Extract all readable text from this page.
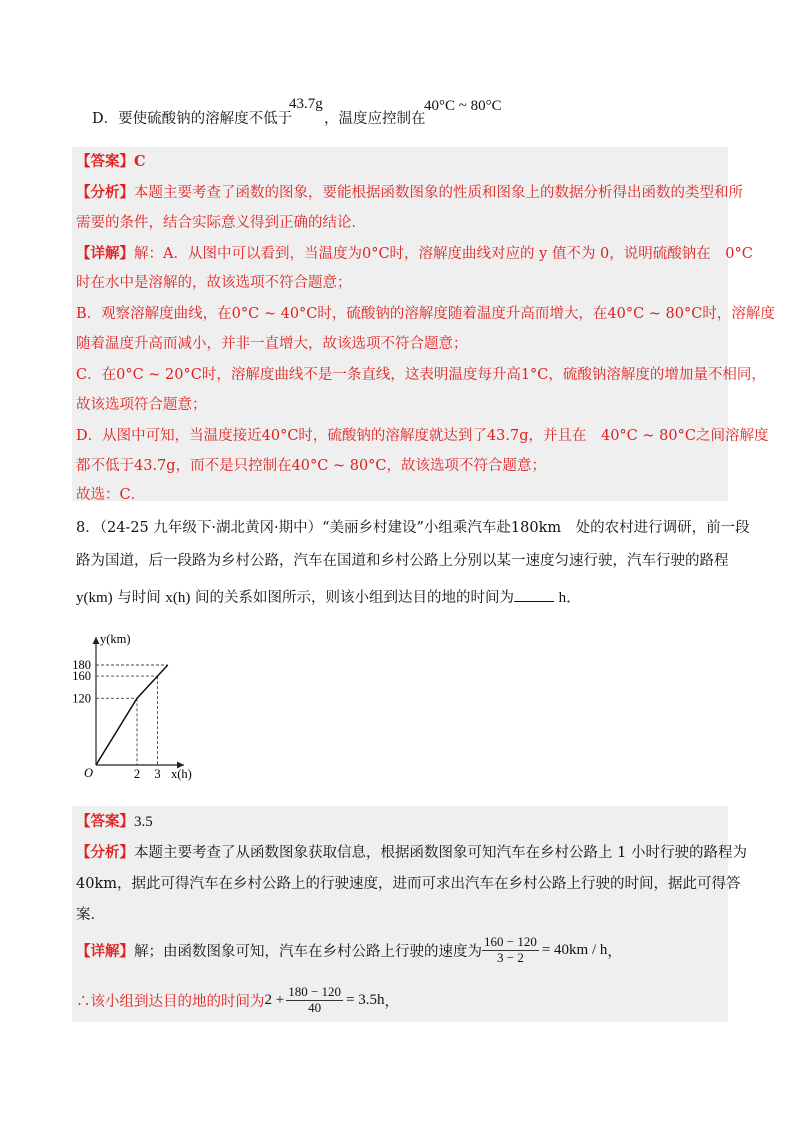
D．要使硫酸钠的溶解度不低于
43.7g
，温度应控制在
40°C ~ 80°C
【答案】C
【分析】本题主要考查了函数的图象，要能根据函数图象的性质和图象上的数据分析得出函数的类型和所
需要的条件，结合实际意义得到正确的结论．
【详解】解：A．从图中可以看到，当温度为0°C时，溶解度曲线对应的 y 值不为 0，说明硫酸钠在　0°C
时在水中是溶解的，故该选项不符合题意；
B．观察溶解度曲线，在0°C ~ 40°C时，硫酸钠的溶解度随着温度升高而增大，在40°C ~ 80°C时，溶解度
随着温度升高而减小，并非一直增大，故该选项不符合题意；
C．在0°C ~ 20°C时，溶解度曲线不是一条直线，这表明温度每升高1°C，硫酸钠溶解度的增加量不相同，
故该选项符合题意；
D．从图中可知，当温度接近40°C时，硫酸钠的溶解度就达到了43.7g，并且在　40°C ~ 80°C之间溶解度
都不低于43.7g，而不是只控制在40°C ~ 80°C，故该选项不符合题意；
故选：C．
8．（24-25 九年级下·湖北黄冈·期中）“美丽乡村建设”小组乘汽车赴180km　处的农村进行调研，前一段
路为国道，后一段路为乡村公路，汽车在国道和乡村公路上分别以某一速度匀速行驶，汽车行驶的路程
y(km) 与时间 x(h) 间的关系如图所示，则该小组到达目的地的时间为	h．
y(km)
x(h)
O
120
160
180
2 3
【答案】3.5
【分析】本题主要考查了从函数图象获取信息，根据函数图象可知汽车在乡村公路上 1 小时行驶的路程为
40km，据此可得汽车在乡村公路上的行驶速度，进而可求出汽车在乡村公路上行驶的时间，据此可得答
案．
【详解】 解；由函数图象可知，汽车在乡村公路上行驶的速度为 $\frac{160 - 120}{3 - 2} = 40km / h$ ，
∴该小组到达目的地的时间为 $2 + \frac{180 - 120}{40} = 3.5h$ ，
